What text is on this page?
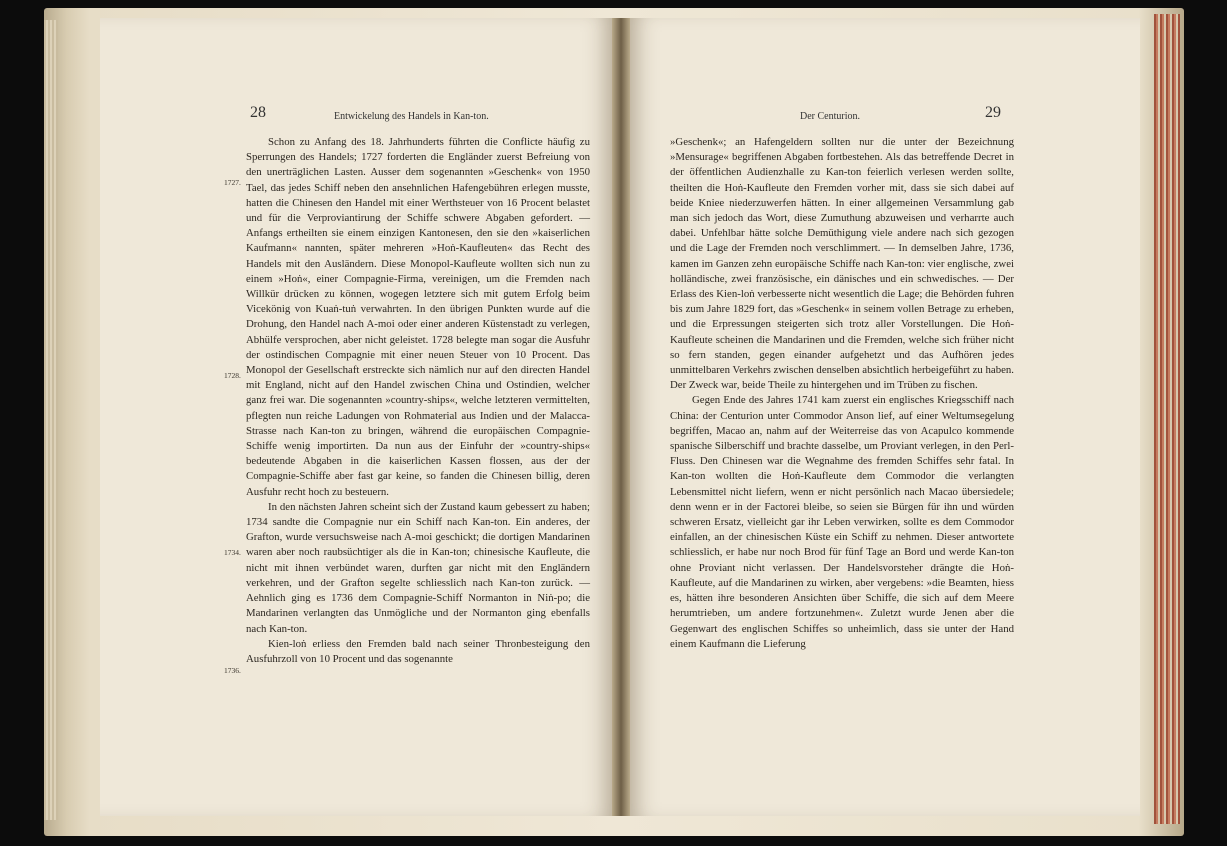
28	Entwickelung des Handels in Kan-ton.
1727.
1728.
1734.
1736.

Schon zu Anfang des 18. Jahrhunderts führten die Conflicte häufig zu Sperrungen des Handels; 1727 forderten die Engländer zuerst Befreiung von den unerträglichen Lasten. Ausser dem sogenannten »Geschenk« von 1950 Tael, das jedes Schiff neben den ansehnlichen Hafengebühren erlegen musste, hatten die Chinesen den Handel mit einer Werthsteuer von 16 Procent belastet und für die Verproviantirung der Schiffe schwere Abgaben gefordert. — Anfangs ertheilten sie einem einzigen Kantonesen, den sie den »kaiserlichen Kaufmann« nannten, später mehreren »Hoṅ-Kaufleuten« das Recht des Handels mit den Ausländern. Diese Monopol-Kaufleute wollten sich nun zu einem »Hoṅ«, einer Compagnie-Firma, vereinigen, um die Fremden nach Willkür drücken zu können, wogegen letztere sich mit gutem Erfolg beim Vicekönig von Kuaṅ-tuṅ verwahrten. In den übrigen Punkten wurde auf die Drohung, den Handel nach A-moi oder einer anderen Küstenstadt zu verlegen, Abhülfe versprochen, aber nicht geleistet. 1728 belegte man sogar die Ausfuhr der ostindischen Compagnie mit einer neuen Steuer von 10 Procent. Das Monopol der Gesellschaft erstreckte sich nämlich nur auf den directen Handel mit England, nicht auf den Handel zwischen China und Ostindien, welcher ganz frei war. Die sogenannten »country-ships«, welche letzteren vermittelten, pflegten nun reiche Ladungen von Rohmaterial aus Indien und der Malacca-Strasse nach Kan-ton zu bringen, während die europäischen Compagnie-Schiffe wenig importirten. Da nun aus der Einfuhr der »country-ships« bedeutende Abgaben in die kaiserlichen Kassen flossen, aus der der Compagnie-Schiffe aber fast gar keine, so fanden die Chinesen billig, deren Ausfuhr recht hoch zu besteuern.

In den nächsten Jahren scheint sich der Zustand kaum gebessert zu haben; 1734 sandte die Compagnie nur ein Schiff nach Kan-ton. Ein anderes, der Grafton, wurde versuchsweise nach A-moi geschickt; die dortigen Mandarinen waren aber noch raubsüchtiger als die in Kan-ton; chinesische Kaufleute, die nicht mit ihnen verbündet waren, durften gar nicht mit den Engländern verkehren, und der Grafton segelte schliesslich nach Kan-ton zurück. — Aehnlich ging es 1736 dem Compagnie-Schiff Normanton in Niṅ-po; die Mandarinen verlangten das Unmögliche und der Normanton ging ebenfalls nach Kan-ton.

Kien-loṅ erliess den Fremden bald nach seiner Thronbesteigung den Ausfuhrzoll von 10 Procent und das sogenannte

Der Centurion.	29

»Geschenk«; an Hafengeldern sollten nur die unter der Bezeichnung »Mensurage« begriffenen Abgaben fortbestehen. Als das betreffende Decret in der öffentlichen Audienzhalle zu Kan-ton feierlich verlesen werden sollte, theilten die Hoṅ-Kaufleute den Fremden vorher mit, dass sie sich dabei auf beide Kniee niederzuwerfen hätten. In einer allgemeinen Versammlung gab man sich jedoch das Wort, diese Zumuthung abzuweisen und verharrte auch dabei. Unfehlbar hätte solche Demüthigung viele andere nach sich gezogen und die Lage der Fremden noch verschlimmert. — In demselben Jahre, 1736, kamen im Ganzen zehn europäische Schiffe nach Kan-ton: vier englische, zwei holländische, zwei französische, ein dänisches und ein schwedisches. — Der Erlass des Kien-loṅ verbesserte nicht wesentlich die Lage; die Behörden fuhren bis zum Jahre 1829 fort, das »Geschenk« in seinem vollen Betrage zu erheben, und die Erpressungen steigerten sich trotz aller Vorstellungen. Die Hoṅ-Kaufleute scheinen die Mandarinen und die Fremden, welche sich früher nicht so fern standen, gegen einander aufgehetzt und das Aufhören jedes unmittelbaren Verkehrs zwischen denselben absichtlich herbeigeführt zu haben. Der Zweck war, beide Theile zu hintergehen und im Trüben zu fischen.

Gegen Ende des Jahres 1741 kam zuerst ein englisches Kriegsschiff nach China: der Centurion unter Commodor Anson lief, auf einer Weltumsegelung begriffen, Macao an, nahm auf der Weiterreise das von Acapulco kommende spanische Silberschiff und brachte dasselbe, um Proviant verlegen, in den Perl-Fluss. Den Chinesen war die Wegnahme des fremden Schiffes sehr fatal. In Kan-ton wollten die Hoṅ-Kaufleute dem Commodor die verlangten Lebensmittel nicht liefern, wenn er nicht persönlich nach Macao übersiedele; denn wenn er in der Factorei bleibe, so seien sie Bürgen für ihn und würden schweren Ersatz, vielleicht gar ihr Leben verwirken, sollte es dem Commodor einfallen, an der chinesischen Küste ein Schiff zu nehmen. Dieser antwortete schliesslich, er habe nur noch Brod für fünf Tage an Bord und werde Kan-ton ohne Proviant nicht verlassen. Der Handelsvorsteher drängte die Hoṅ-Kaufleute, auf die Mandarinen zu wirken, aber vergebens: »die Beamten, hiess es, hätten ihre besonderen Ansichten über Schiffe, die sich auf dem Meere herumtrieben, um andere fortzunehmen«. Zuletzt wurde Jenen aber die Gegenwart des englischen Schiffes so unheimlich, dass sie unter der Hand einem Kaufmann die Lieferung
